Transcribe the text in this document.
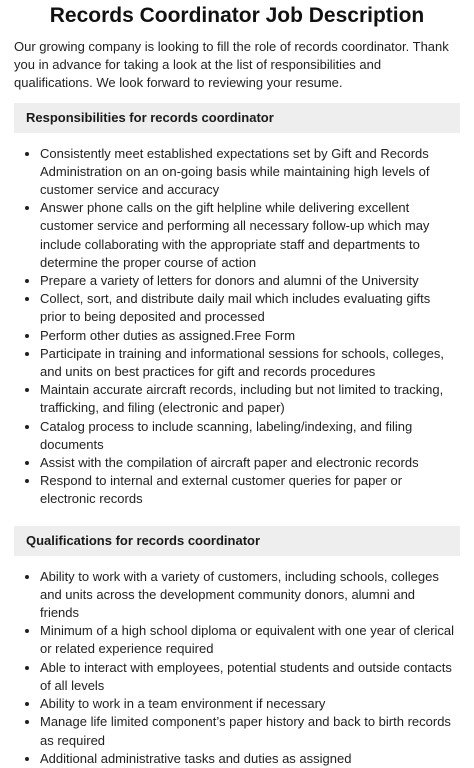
Records Coordinator Job Description

Our growing company is looking to fill the role of records coordinator. Thank you in advance for taking a look at the list of responsibilities and qualifications. We look forward to reviewing your resume.

Responsibilities for records coordinator
• Consistently meet established expectations set by Gift and Records Administration on an on-going basis while maintaining high levels of customer service and accuracy
• Answer phone calls on the gift helpline while delivering excellent customer service and performing all necessary follow-up which may include collaborating with the appropriate staff and departments to determine the proper course of action
• Prepare a variety of letters for donors and alumni of the University
• Collect, sort, and distribute daily mail which includes evaluating gifts prior to being deposited and processed
• Perform other duties as assigned.Free Form
• Participate in training and informational sessions for schools, colleges, and units on best practices for gift and records procedures
• Maintain accurate aircraft records, including but not limited to tracking, trafficking, and filing (electronic and paper)
• Catalog process to include scanning, labeling/indexing, and filing documents
• Assist with the compilation of aircraft paper and electronic records
• Respond to internal and external customer queries for paper or electronic records
Qualifications for records coordinator
• Ability to work with a variety of customers, including schools, colleges and units across the development community donors, alumni and friends
• Minimum of a high school diploma or equivalent with one year of clerical or related experience required
• Able to interact with employees, potential students and outside contacts of all levels
• Ability to work in a team environment if necessary
• Manage life limited component’s paper history and back to birth records as required
• Additional administrative tasks and duties as assigned
